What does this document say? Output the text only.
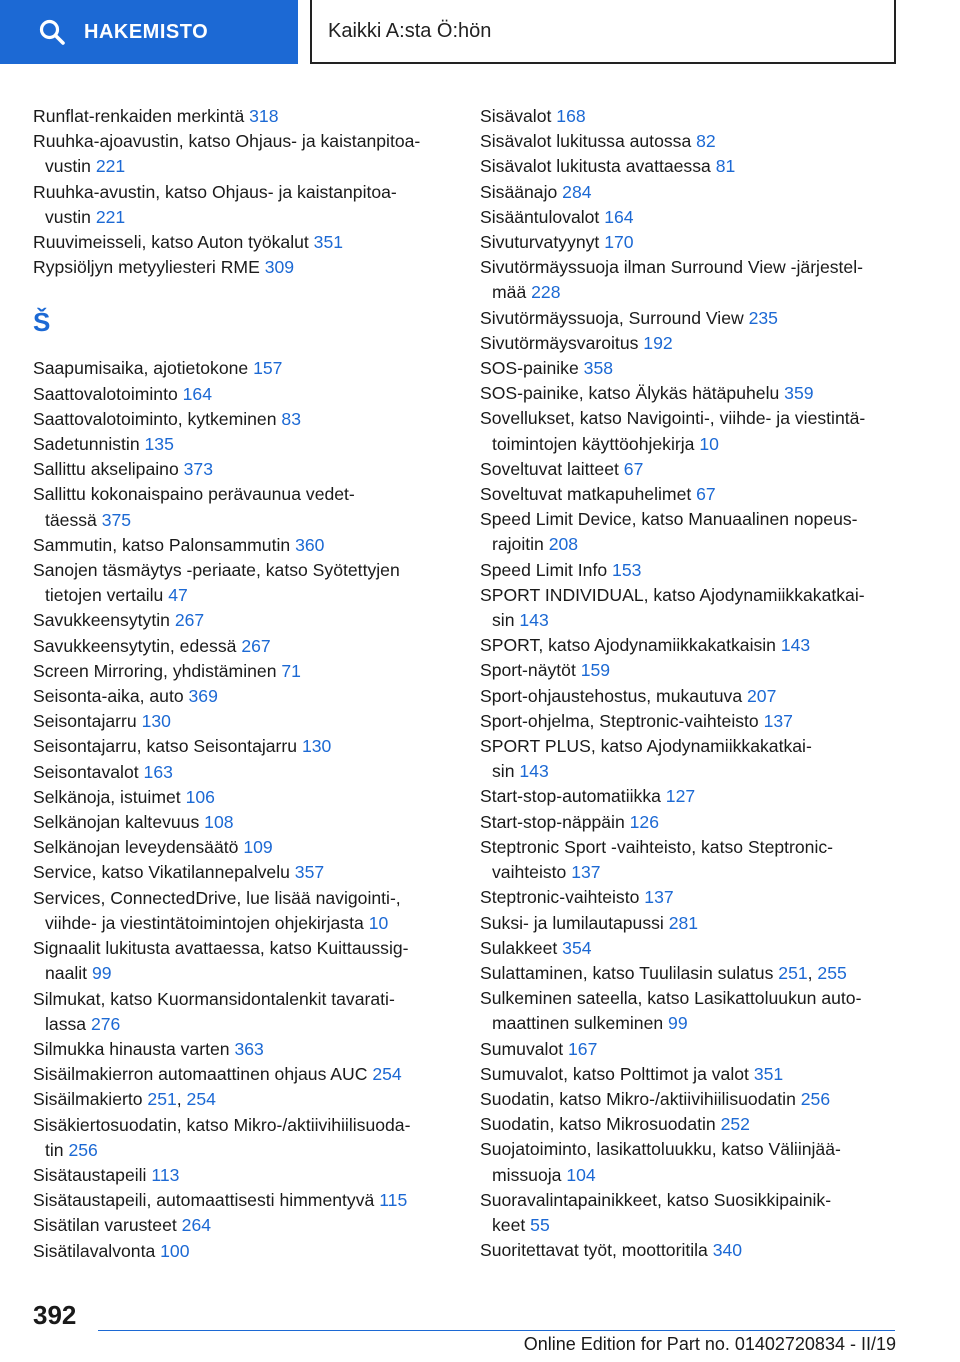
HAKEMISTO	Kaikki A:sta Ö:hön
Runflat-renkaiden merkintä 318
Ruuhka-ajoavustin, katso Ohjaus- ja kaistanpitoa-
vustin 221
Ruuhka-avustin, katso Ohjaus- ja kaistanpitoa-
vustin 221
Ruuvimeisseli, katso Auton työkalut 351
Rypsiöljyn metyyliesteri RME 309
Š
Saapumisaika, ajotietokone 157
Saattovalotoiminto 164
Saattovalotoiminto, kytkeminen 83
Sadetunnistin 135
Sallittu akselipaino 373
Sallittu kokonaispaino perävaunua vedet-
täessä 375
Sammutin, katso Palonsammutin 360
Sanojen täsmäytys -periaate, katso Syötettyjen
tietojen vertailu 47
Savukkeensytytin 267
Savukkeensytytin, edessä 267
Screen Mirroring, yhdistäminen 71
Seisonta-aika, auto 369
Seisontajarru 130
Seisontajarru, katso Seisontajarru 130
Seisontavalot 163
Selkänoja, istuimet 106
Selkänojan kaltevuus 108
Selkänojan leveydensäätö 109
Service, katso Vikatilannepalvelu 357
Services, ConnectedDrive, lue lisää navigointi-,
viihde- ja viestintätoimintojen ohjekirjasta 10
Signaalit lukitusta avattaessa, katso Kuittaussig-
naalit 99
Silmukat, katso Kuormansidontalenkit tavarati-
lassa 276
Silmukka hinausta varten 363
Sisäilmakierron automaattinen ohjaus AUC 254
Sisäilmakierto 251, 254
Sisäkiertosuodatin, katso Mikro-/aktiivihiilisuoda-
tin 256
Sisätaustapeili 113
Sisätaustapeili, automaattisesti himmentyvä 115
Sisätilan varusteet 264
Sisätilavalvonta 100
Sisävalot 168
Sisävalot lukitussa autossa 82
Sisävalot lukitusta avattaessa 81
Sisäänajo 284
Sisääntulovalot 164
Sivuturvatyynyt 170
Sivutörmäyssuoja ilman Surround View -järjestel-
mää 228
Sivutörmäyssuoja, Surround View 235
Sivutörmäysvaroitus 192
SOS-painike 358
SOS-painike, katso Älykäs hätäpuhelu 359
Sovellukset, katso Navigointi-, viihde- ja viestintä-
toimintojen käyttöohjekirja 10
Soveltuvat laitteet 67
Soveltuvat matkapuhelimet 67
Speed Limit Device, katso Manuaalinen nopeus-
rajoitin 208
Speed Limit Info 153
SPORT INDIVIDUAL, katso Ajodynamiikkakatkai-
sin 143
SPORT, katso Ajodynamiikkakatkaisin 143
Sport-näytöt 159
Sport-ohjaustehostus, mukautuva 207
Sport-ohjelma, Steptronic-vaihteisto 137
SPORT PLUS, katso Ajodynamiikkakatkai-
sin 143
Start-stop-automatiikka 127
Start-stop-näppäin 126
Steptronic Sport -vaihteisto, katso Steptronic-
vaihteisto 137
Steptronic-vaihteisto 137
Suksi- ja lumilautapussi 281
Sulakkeet 354
Sulattaminen, katso Tuulilasin sulatus 251, 255
Sulkeminen sateella, katso Lasikattoluukun auto-
maattinen sulkeminen 99
Sumuvalot 167
Sumuvalot, katso Polttimot ja valot 351
Suodatin, katso Mikro-/aktiivihiilisuodatin 256
Suodatin, katso Mikrosuodatin 252
Suojatoiminto, lasikattoluukku, katso Väliinjää-
missuoja 104
Suoravalintapainikkeet, katso Suosikkipainik-
keet 55
Suoritettavat työt, moottoritila 340
392
Online Edition for Part no. 01402720834 - II/19
